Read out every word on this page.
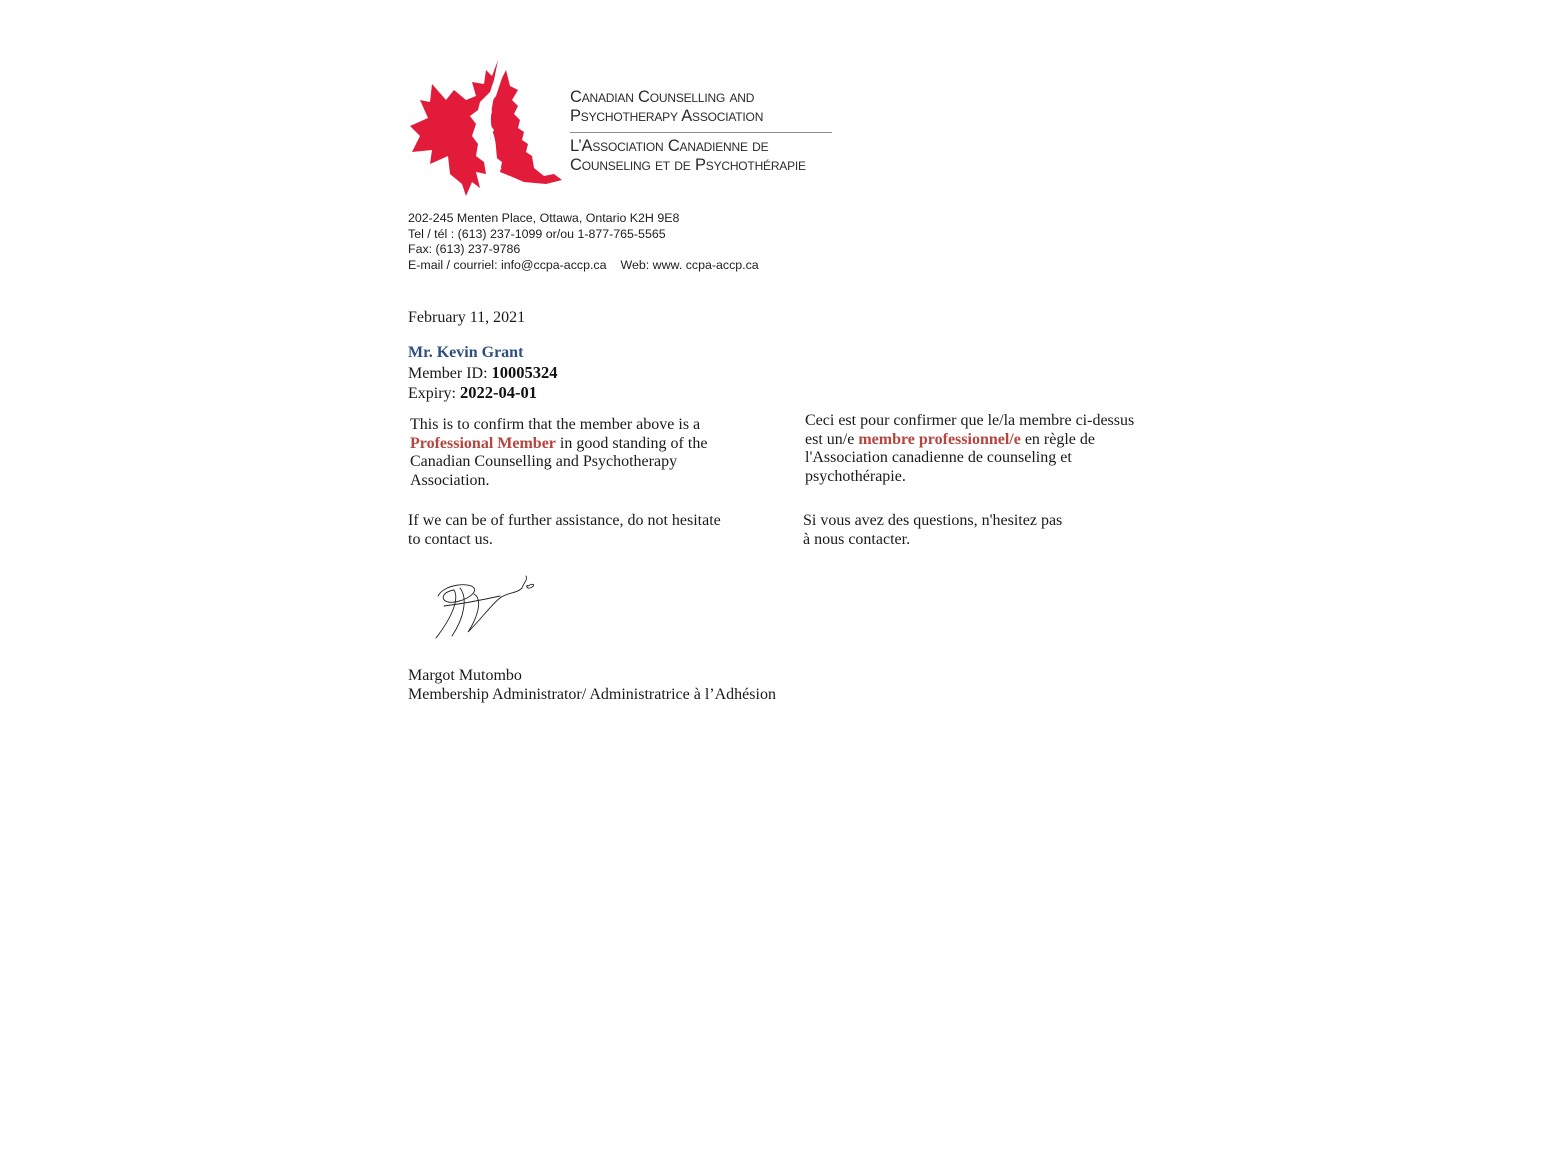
Canadian Counselling and
Psychotherapy Association
L’Association Canadienne de
Counseling et de Psychothérapie
202-245 Menten Place, Ottawa, Ontario K2H 9E8
Tel / tél : (613) 237-1099 or/ou 1-877-765-5565
Fax: (613) 237-9786
E-mail / courriel: info@ccpa-accp.ca Web: www. ccpa-accp.ca
February 11, 2021
Mr. Kevin Grant
Member ID: 10005324
Expiry: 2022-04-01
This is to confirm that the member above is a Professional Member in good standing of the Canadian Counselling and Psychotherapy Association.
Ceci est pour confirmer que le/la membre ci-dessus est un/e membre professionnel/e en règle de l'Association canadienne de counseling et psychothérapie.
If we can be of further assistance, do not hesitate to contact us.
Si vous avez des questions, n'hesitez pas
à nous contacter.
Margot Mutombo
Membership Administrator/ Administratrice à l’Adhésion
